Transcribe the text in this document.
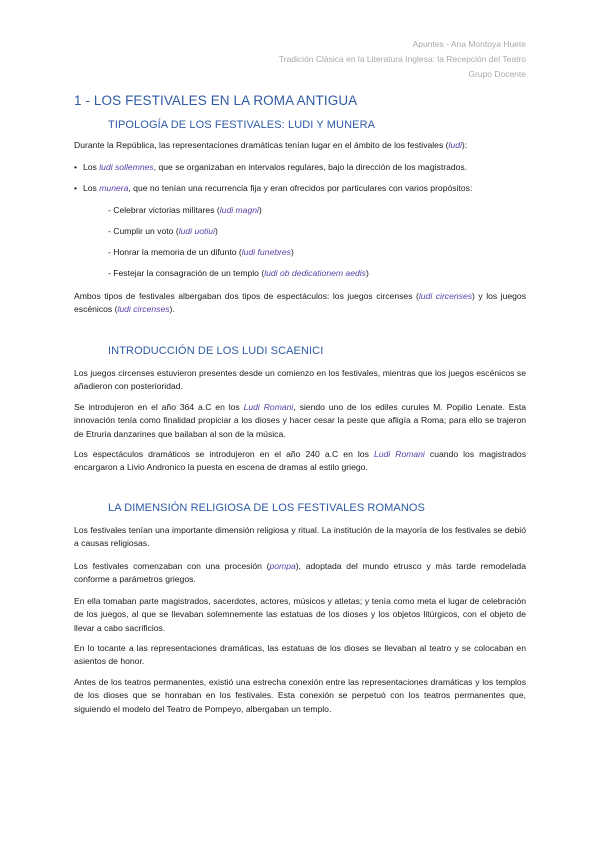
Apuntes - Ana Montoya Huete
Tradición Clásica en la Literatura Inglesa: la Recepción del Teatro
Grupo Docente
1 - LOS FESTIVALES EN LA ROMA ANTIGUA
TIPOLOGÍA DE LOS FESTIVALES: LUDI Y MUNERA
Durante la República, las representaciones dramáticas tenían lugar en el ámbito de los festivales (ludi):
• Los ludi sollemnes, que se organizaban en intervalos regulares, bajo la dirección de los magistrados.
• Los munera, que no tenían una recurrencia fija y eran ofrecidos por particulares con varios propósitos:
- Celebrar victorias militares (ludi magni)
- Cumplir un voto (ludi uotiui)
- Honrar la memoria de un difunto (ludi funebres)
- Festejar la consagración de un templo (ludi ob dedicationem aedis)
Ambos tipos de festivales albergaban dos tipos de espectáculos: los juegos circenses (ludi circenses) y los juegos escénicos (ludi circenses).
INTRODUCCIÓN DE LOS LUDI SCAENICI
Los juegos circenses estuvieron presentes desde un comienzo en los festivales, mientras que los juegos escénicos se añadieron con posterioridad.
Se introdujeron en el año 364 a.C en los Ludi Romani, siendo uno de los ediles curules M. Popilio Lenate. Esta innovación tenía como finalidad propiciar a los dioses y hacer cesar la peste que afligía a Roma; para ello se trajeron de Etruria danzarines que bailaban al son de la música.
Los espectáculos dramáticos se introdujeron en el año 240 a.C en los Ludi Romani cuando los magistrados encargaron a Livio Andronico la puesta en escena de dramas al estilo griego.
LA DIMENSIÓN RELIGIOSA DE LOS FESTIVALES ROMANOS
Los festivales tenían una importante dimensión religiosa y ritual. La institución de la mayoría de los festivales se debió a causas religiosas.
Los festivales comenzaban con una procesión (pompa), adoptada del mundo etrusco y más tarde remodelada conforme a parámetros griegos.
En ella tomaban parte magistrados, sacerdotes, actores, músicos y atletas; y tenía como meta el lugar de celebración de los juegos, al que se llevaban solemnemente las estatuas de los dioses y los objetos litúrgicos, con el objeto de llevar a cabo sacrificios.
En lo tocante a las representaciones dramáticas, las estatuas de los dioses se llevaban al teatro y se colocaban en asientos de honor.
Antes de los teatros permanentes, existió una estrecha conexión entre las representaciones dramáticas y los templos de los dioses que se honraban en los festivales. Esta conexión se perpetuó con los teatros permanentes que, siguiendo el modelo del Teatro de Pompeyo, albergaban un templo.
